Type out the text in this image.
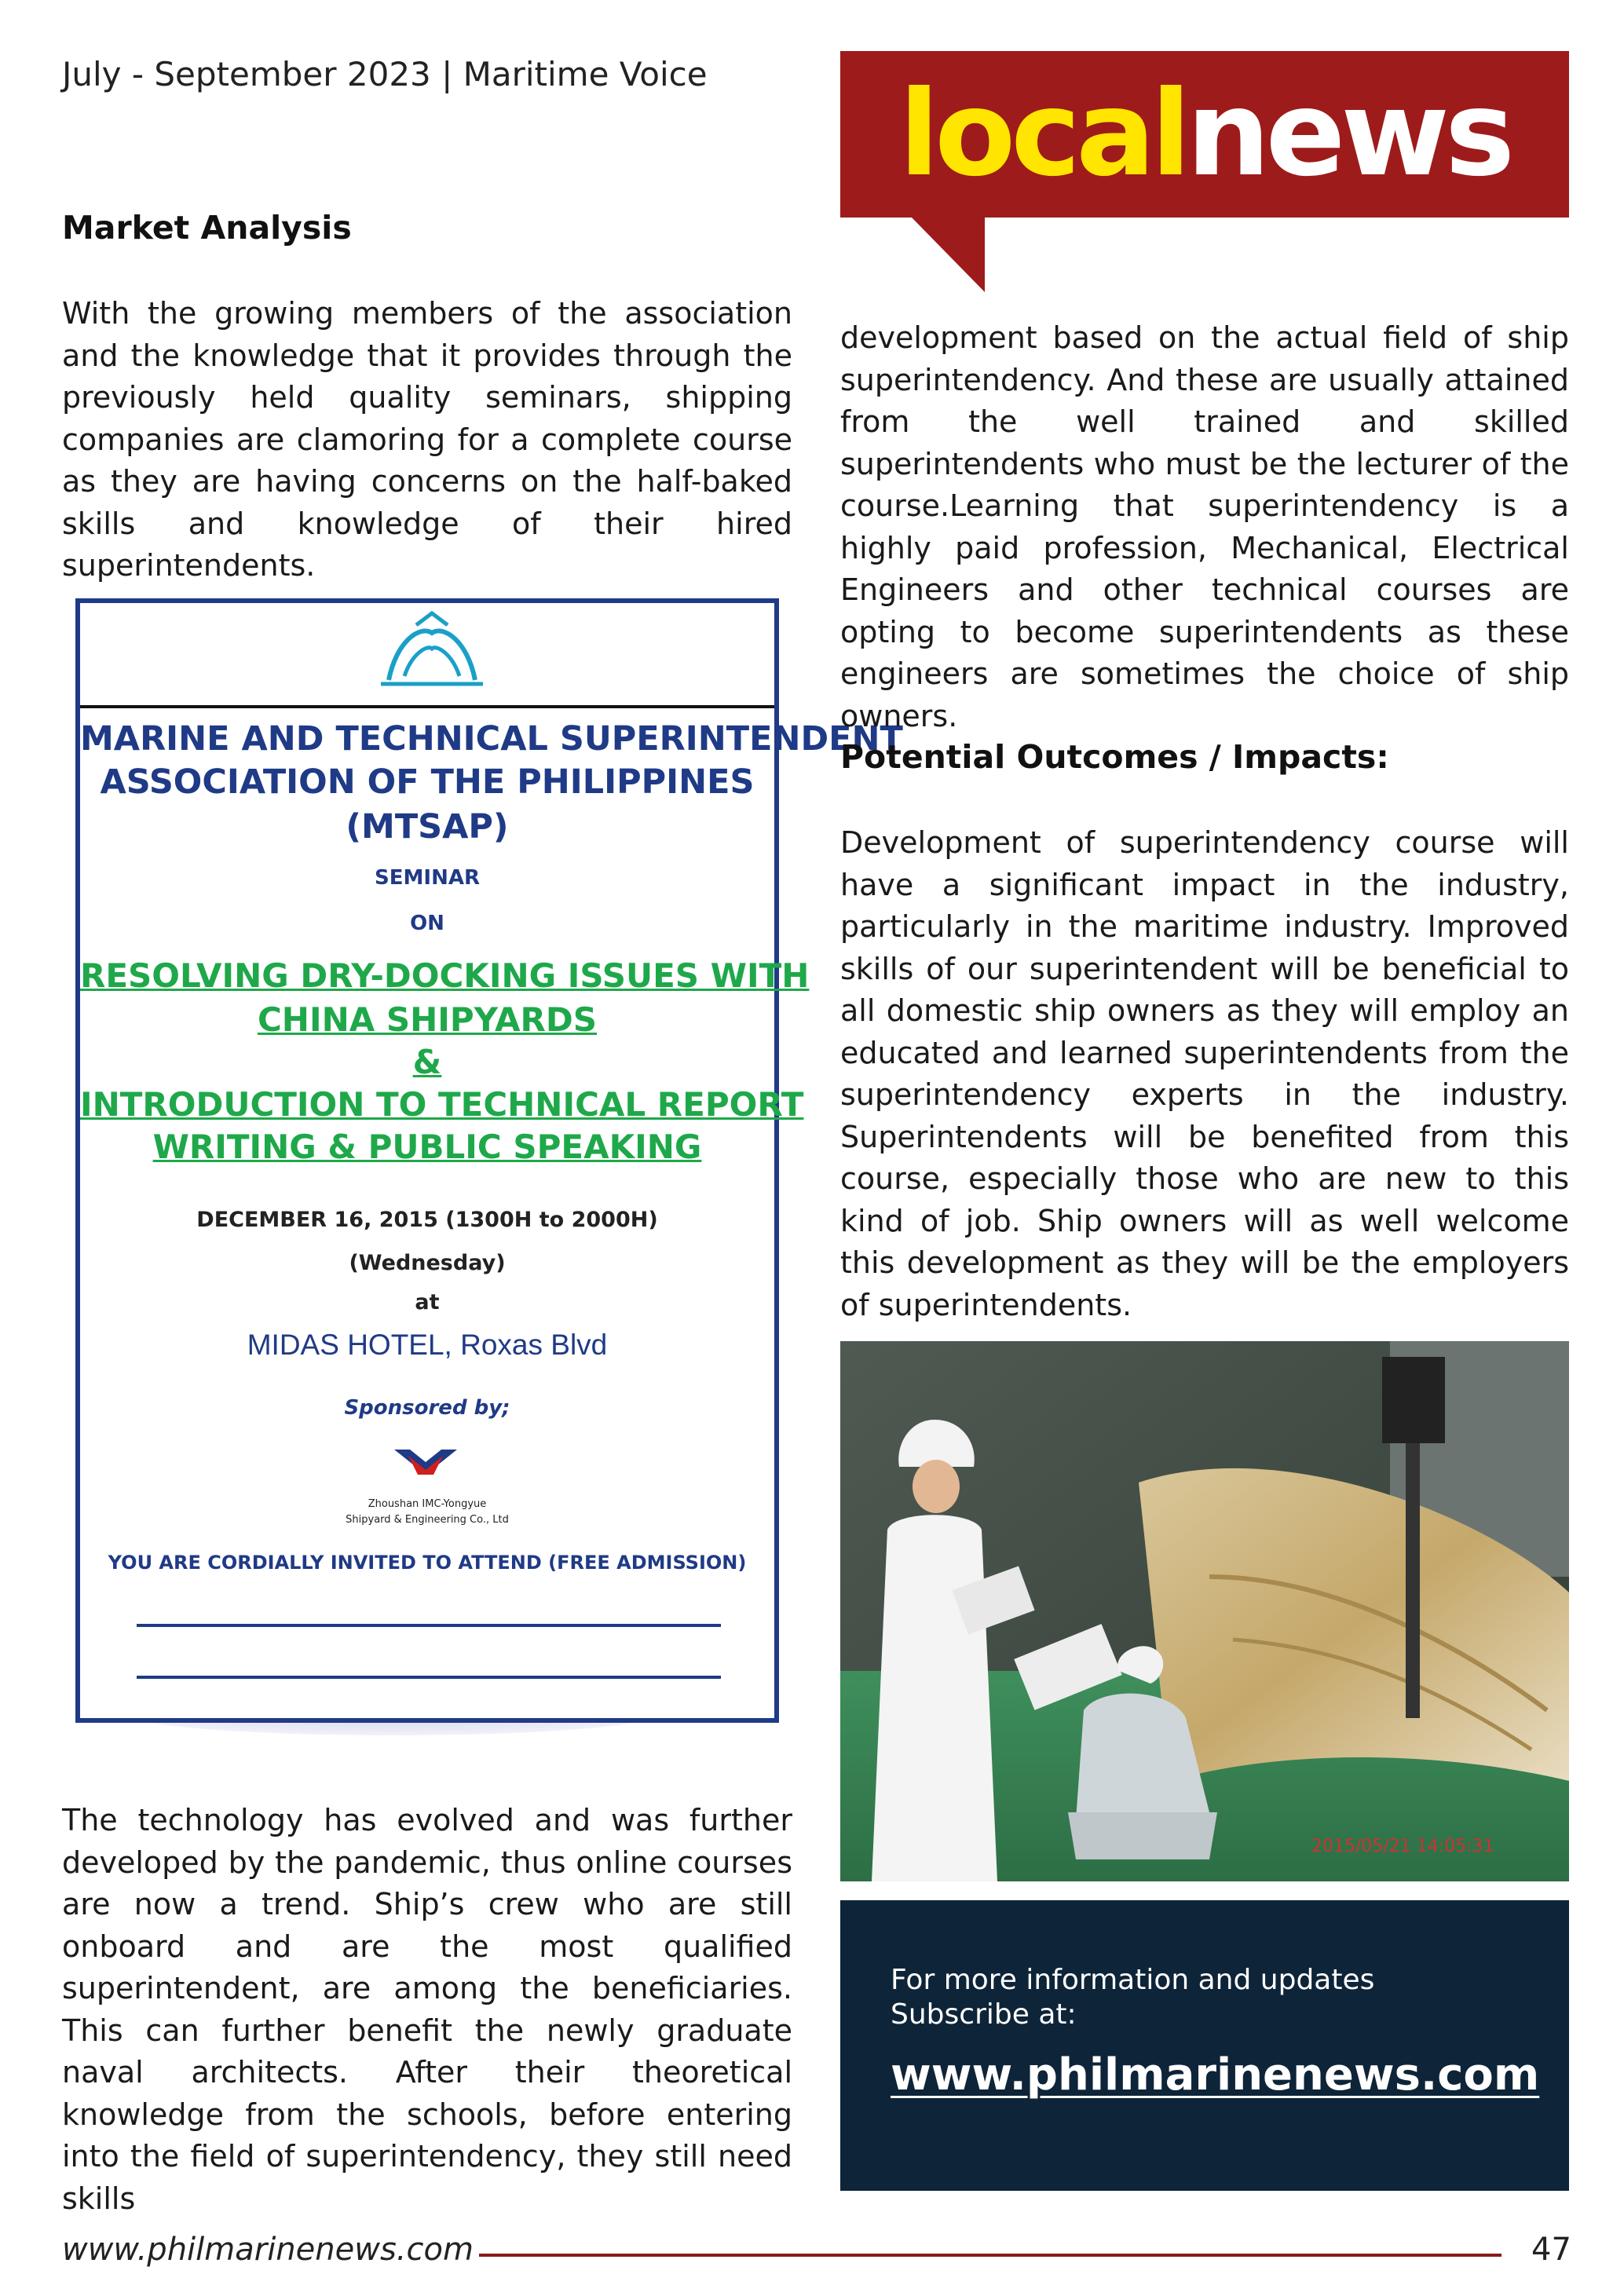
July - September 2023 | Maritime Voice	localnews
Market Analysis
With the growing members of the association and the knowledge that it provides through the previously held quality seminars, shipping companies are clamoring for a complete course as they are having concerns on the half-baked skills and knowledge of their hired superintendents.
MARINE AND TECHNICAL SUPERINTENDENT
ASSOCIATION OF THE PHILIPPINES
(MTSAP)
SEMINAR
ON
RESOLVING DRY-DOCKING ISSUES WITH
CHINA SHIPYARDS
&
INTRODUCTION TO TECHNICAL REPORT
WRITING & PUBLIC SPEAKING
DECEMBER 16, 2015 (1300H to 2000H)
(Wednesday)
at
MIDAS HOTEL, Roxas Blvd
Sponsored by;
Zhoushan IMC-Yongyue
Shipyard & Engineering Co., Ltd
YOU ARE CORDIALLY INVITED TO ATTEND (FREE ADMISSION)
The technology has evolved and was further developed by the pandemic, thus online courses are now a trend. Ship’s crew who are still onboard and are the most qualified superintendent, are among the beneficiaries. This can further benefit the newly graduate naval architects. After their theoretical knowledge from the schools, before entering into the field of superintendency, they still need skills
development based on the actual field of ship superintendency. And these are usually attained from the well trained and skilled superintendents who must be the lecturer of the course.Learning that superintendency is a highly paid profession, Mechanical, Electrical Engineers and other technical courses are opting to become superintendents as these engineers are sometimes the choice of ship owners.
Potential Outcomes / Impacts:
Development of superintendency course will have a significant impact in the industry, particularly in the maritime industry. Improved skills of our superintendent will be beneficial to all domestic ship owners as they will employ an educated and learned superintendents from the superintendency experts in the industry. Superintendents will be benefited from this course, especially those who are new to this kind of job. Ship owners will as well welcome this development as they will be the employers of superintendents.
2015/05/21 14:05:31
For more information and updates
Subscribe at:
www.philmarinenews.com
www.philmarinenews.com	47
